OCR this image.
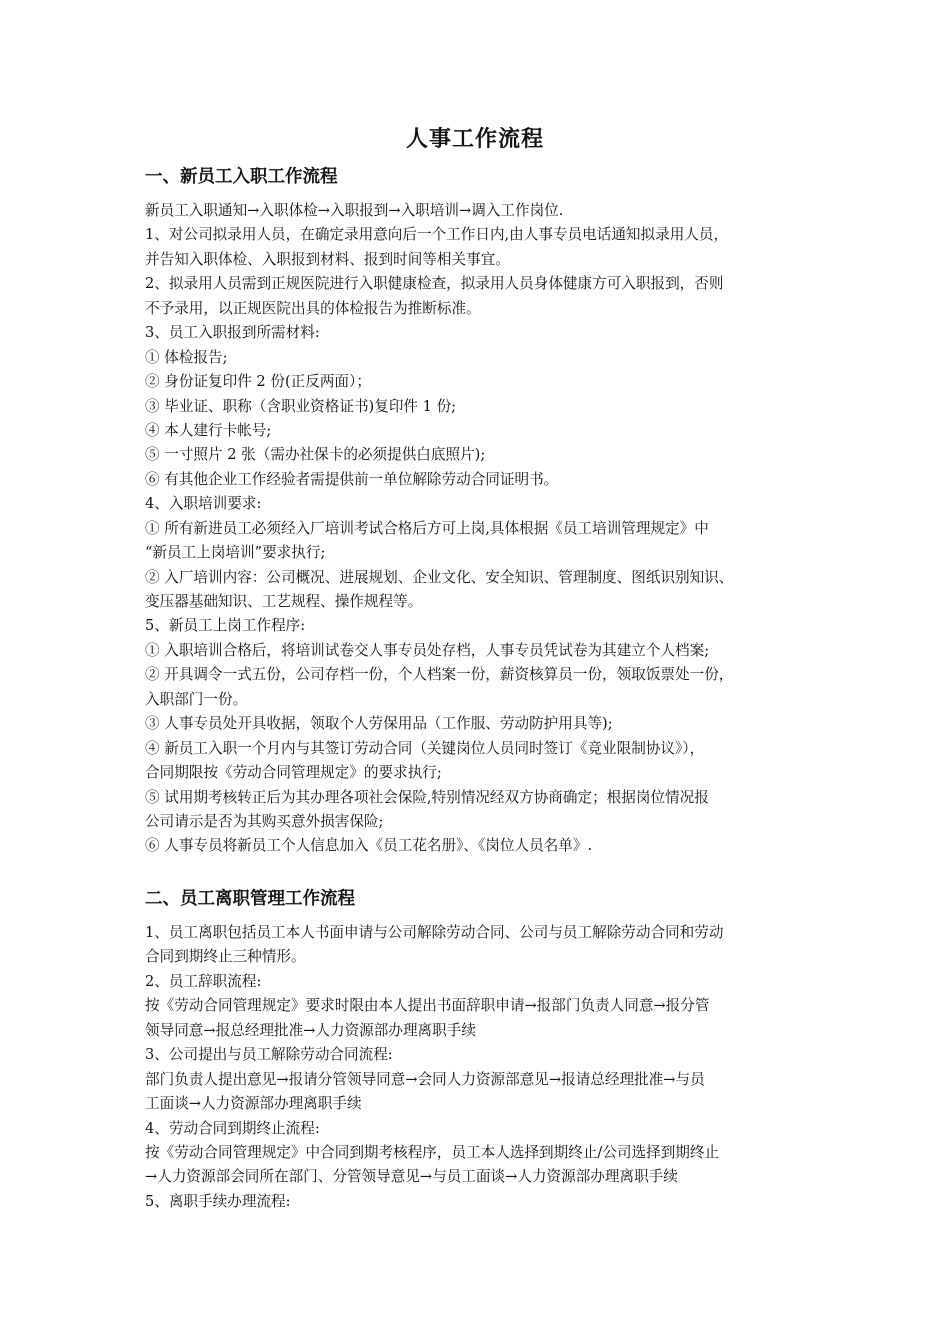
人事工作流程
一、新员工入职工作流程
新员工入职通知→入职体检→入职报到→入职培训→调入工作岗位.
1、对公司拟录用人员，在确定录用意向后一个工作日内,由人事专员电话通知拟录用人员，
并告知入职体检、入职报到材料、报到时间等相关事宜。
2、拟录用人员需到正规医院进行入职健康检查，拟录用人员身体健康方可入职报到，否则
不予录用，以正规医院出具的体检报告为推断标准。
3、员工入职报到所需材料:
① 体检报告;
② 身份证复印件 2 份(正反两面）；
③ 毕业证、职称（含职业资格证书)复印件 1 份;
④ 本人建行卡帐号;
⑤ 一寸照片 2 张（需办社保卡的必须提供白底照片);
⑥ 有其他企业工作经验者需提供前一单位解除劳动合同证明书。
4、入职培训要求:
① 所有新进员工必须经入厂培训考试合格后方可上岗,具体根据《员工培训管理规定》中
“新员工上岗培训”要求执行;
② 入厂培训内容：公司概况、进展规划、企业文化、安全知识、管理制度、图纸识别知识、
变压器基础知识、工艺规程、操作规程等。
5、新员工上岗工作程序:
① 入职培训合格后，将培训试卷交人事专员处存档，人事专员凭试卷为其建立个人档案;
② 开具调令一式五份，公司存档一份，个人档案一份，薪资核算员一份，领取饭票处一份，
入职部门一份。
③ 人事专员处开具收据，领取个人劳保用品（工作服、劳动防护用具等);
④ 新员工入职一个月内与其签订劳动合同（关键岗位人员同时签订《竞业限制协议》），
合同期限按《劳动合同管理规定》的要求执行;
⑤ 试用期考核转正后为其办理各项社会保险,特别情况经双方协商确定；根据岗位情况报
公司请示是否为其购买意外损害保险;
⑥ 人事专员将新员工个人信息加入《员工花名册》、《岗位人员名单》.
二、员工离职管理工作流程
1、员工离职包括员工本人书面申请与公司解除劳动合同、公司与员工解除劳动合同和劳动
合同到期终止三种情形。
2、员工辞职流程:
按《劳动合同管理规定》要求时限由本人提出书面辞职申请→报部门负责人同意→报分管
领导同意→报总经理批准→人力资源部办理离职手续
3、公司提出与员工解除劳动合同流程:
部门负责人提出意见→报请分管领导同意→会同人力资源部意见→报请总经理批准→与员
工面谈→人力资源部办理离职手续
4、劳动合同到期终止流程:
按《劳动合同管理规定》中合同到期考核程序，员工本人选择到期终止/公司选择到期终止
→人力资源部会同所在部门、分管领导意见→与员工面谈→人力资源部办理离职手续
5、离职手续办理流程:
